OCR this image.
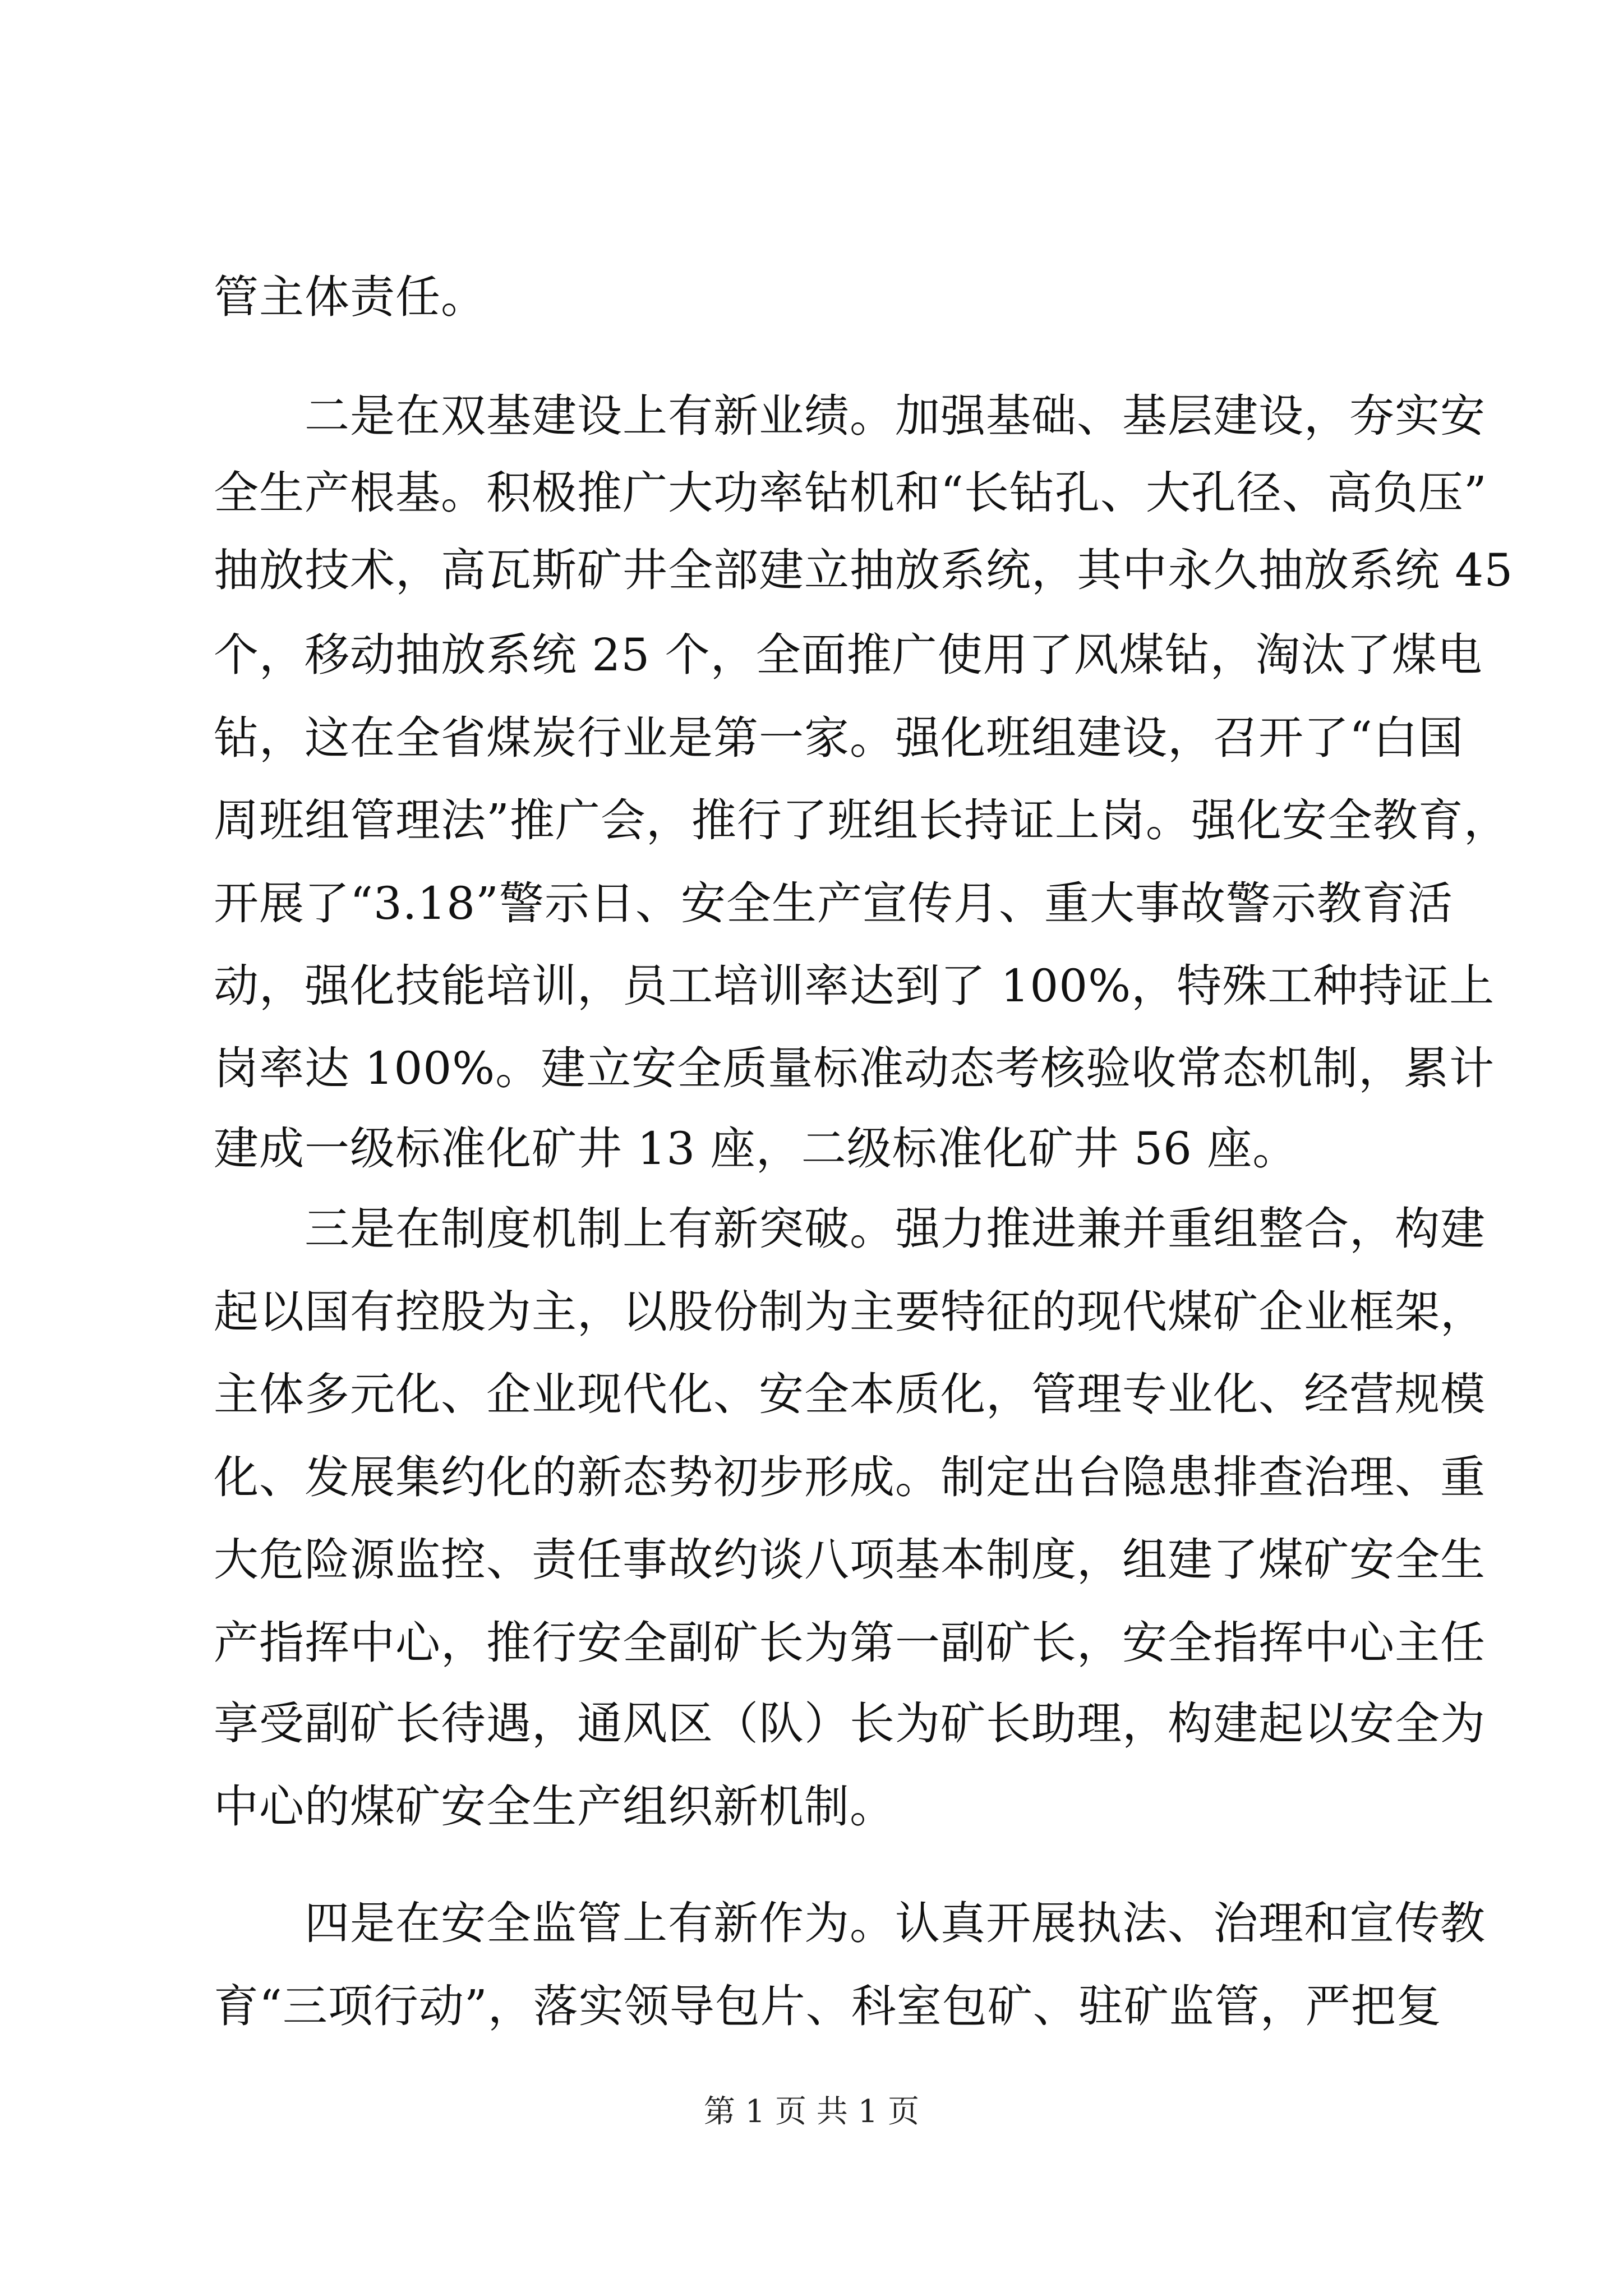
管主体责任。
　　二是在双基建设上有新业绩。加强基础、基层建设，夯实安
全生产根基。积极推广大功率钻机和“长钻孔、大孔径、高负压”
抽放技术，高瓦斯矿井全部建立抽放系统，其中永久抽放系统 45
个，移动抽放系统 25 个，全面推广使用了风煤钻，淘汰了煤电
钻，这在全省煤炭行业是第一家。强化班组建设，召开了“白国
周班组管理法”推广会，推行了班组长持证上岗。强化安全教育，
开展了“3.18”警示日、安全生产宣传月、重大事故警示教育活
动，强化技能培训，员工培训率达到了 100%，特殊工种持证上
岗率达 100%。建立安全质量标准动态考核验收常态机制，累计
建成一级标准化矿井 13 座，二级标准化矿井 56 座。
　　三是在制度机制上有新突破。强力推进兼并重组整合，构建
起以国有控股为主，以股份制为主要特征的现代煤矿企业框架，
主体多元化、企业现代化、安全本质化，管理专业化、经营规模
化、发展集约化的新态势初步形成。制定出台隐患排查治理、重
大危险源监控、责任事故约谈八项基本制度，组建了煤矿安全生
产指挥中心，推行安全副矿长为第一副矿长，安全指挥中心主任
享受副矿长待遇，通风区（队）长为矿长助理，构建起以安全为
中心的煤矿安全生产组织新机制。
　　四是在安全监管上有新作为。认真开展执法、治理和宣传教
育“三项行动”，落实领导包片、科室包矿、驻矿监管，严把复
第 1 页 共 1 页
